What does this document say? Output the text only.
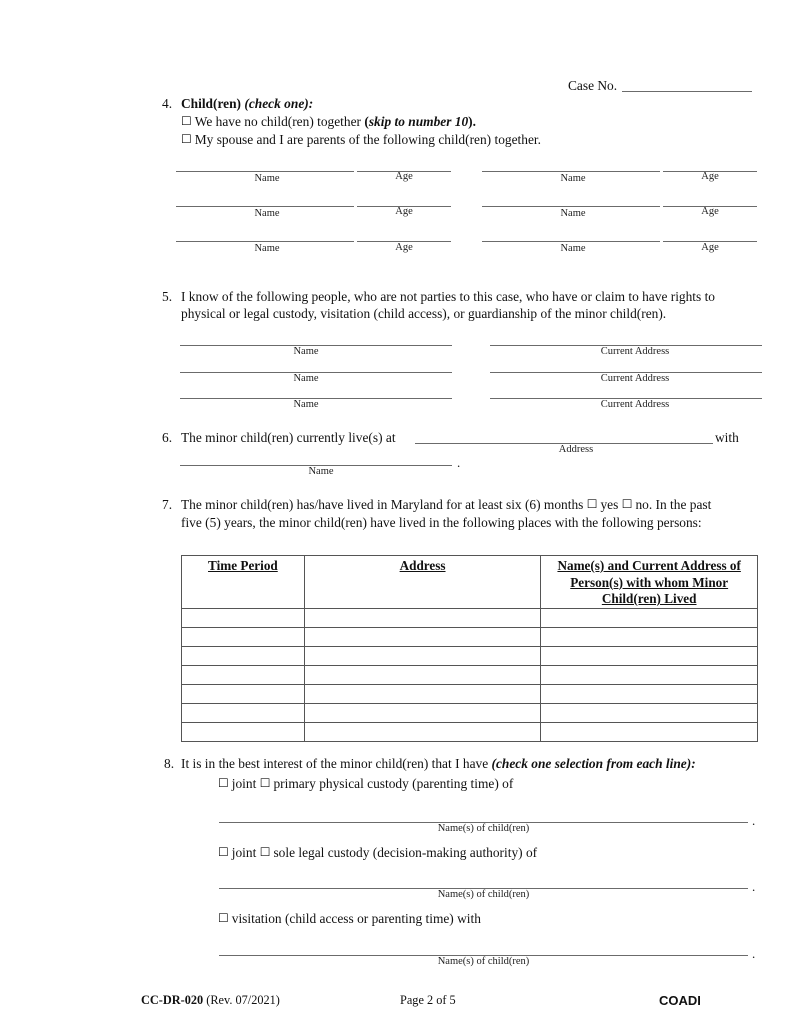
Case No.
4. Child(ren) (check one):
☐ We have no child(ren) together (skip to number 10).
☐ My spouse and I are parents of the following child(ren) together.
Name	Age	Name	Age
Name	Age	Name	Age
Name	Age	Name	Age
5. I know of the following people, who are not parties to this case, who have or claim to have rights to
physical or legal custody, visitation (child access), or guardianship of the minor child(ren).
Name	Current Address
Name	Current Address
Name	Current Address
6. The minor child(ren) currently live(s) at	with
Address
.
Name
7. The minor child(ren) has/have lived in Maryland for at least six (6) months ☐ yes ☐ no. In the past
five (5) years, the minor child(ren) have lived in the following places with the following persons:
Time Period	Address	Name(s) and Current Address of Person(s) with whom Minor Child(ren) Lived

8. It is in the best interest of the minor child(ren) that I have (check one selection from each line):
☐ joint ☐ primary physical custody (parenting time) of
.
Name(s) of child(ren)
☐ joint ☐ sole legal custody (decision-making authority) of
.
Name(s) of child(ren)
☐ visitation (child access or parenting time) with
.
Name(s) of child(ren)
CC-DR-020 (Rev. 07/2021)	Page 2 of 5	COADI
